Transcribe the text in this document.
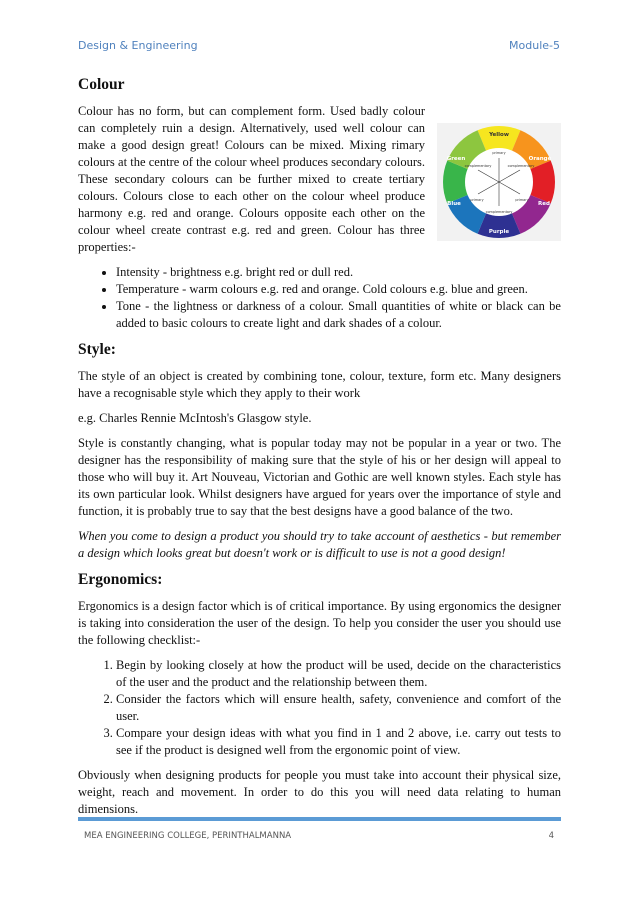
Design & Engineering	Module-5
Colour
Yellow
Orange
Red
Purple
Blue
Green
primary
complementary	complementary
primary	primary
complementary

Colour has no form, but can complement form. Used badly colour can completely ruin a design. Alternatively, used well colour can make a good design great! Colours can be mixed. Mixing rimary colours at the centre of the colour wheel produces secondary colours. These secondary colours can be further mixed to create tertiary colours. Colours close to each other on the colour wheel produce harmony e.g. red and orange. Colours opposite each other on the colour wheel create contrast e.g. red and green. Colour has three properties:-

• Intensity - brightness e.g. bright red or dull red.
• Temperature - warm colours e.g. red and orange. Cold colours e.g. blue and green.
• Tone - the lightness or darkness of a colour. Small quantities of white or black can be added to basic colours to create light and dark shades of a colour.
Style:

The style of an object is created by combining tone, colour, texture, form etc. Many designers have a recognisable style which they apply to their work

e.g. Charles Rennie McIntosh's Glasgow style.

Style is constantly changing, what is popular today may not be popular in a year or two. The designer has the responsibility of making sure that the style of his or her design will appeal to those who will buy it. Art Nouveau, Victorian and Gothic are well known styles. Each style has its own particular look. Whilst designers have argued for years over the importance of style and function, it is probably true to say that the best designs have a good balance of the two.

When you come to design a product you should try to take account of aesthetics - but remember a design which looks great but doesn't work or is difficult to use is not a good design!

Ergonomics:

Ergonomics is a design factor which is of critical importance. By using ergonomics the designer is taking into consideration the user of the design. To help you consider the user you should use the following checklist:-

1. Begin by looking closely at how the product will be used, decide on the characteristics of the user and the product and the relationship between them.
2. Consider the factors which will ensure health, safety, convenience and comfort of the user.
3. Compare your design ideas with what you find in 1 and 2 above, i.e. carry out tests to see if the product is designed well from the ergonomic point of view.

Obviously when designing products for people you must take into account their physical size, weight, reach and movement. In order to do this you will need data relating to human dimensions.

MEA ENGINEERING COLLEGE, PERINTHALMANNA	4
